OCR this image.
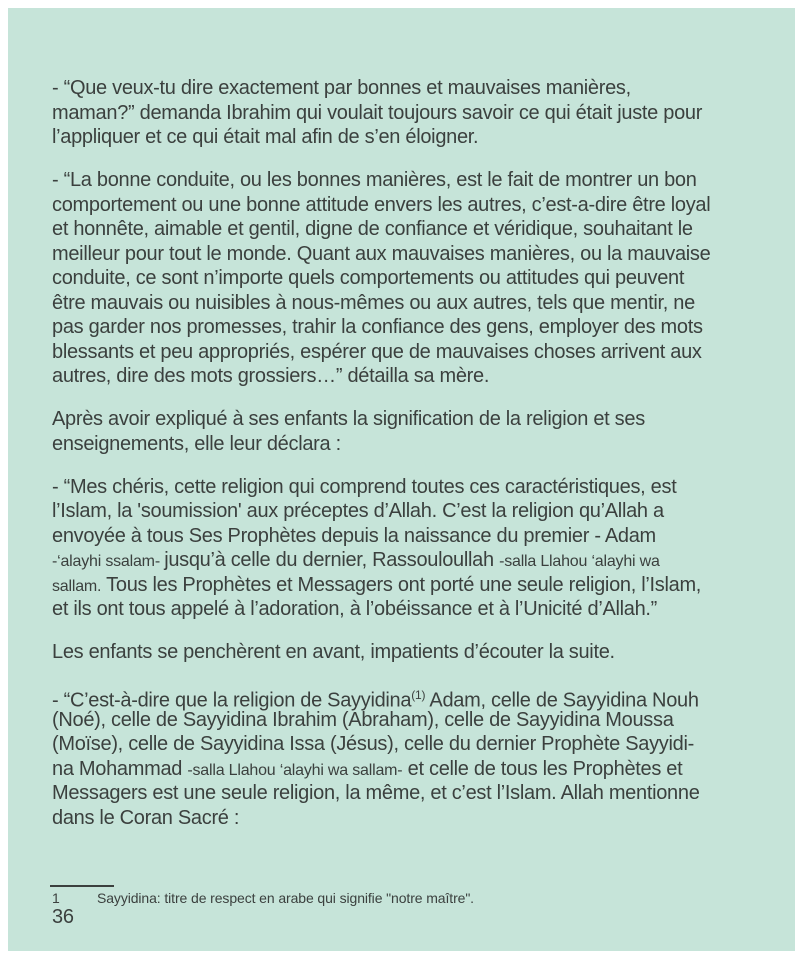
- “Que veux-tu dire exactement par bonnes et mauvaises manières,
maman?” demanda Ibrahim qui voulait toujours savoir ce qui était juste pour
l’appliquer et ce qui était mal afin de s’en éloigner.
- “La bonne conduite, ou les bonnes manières, est le fait de montrer un bon
comportement ou une bonne attitude envers les autres, c’est-a-dire être loyal
et honnête, aimable et gentil, digne de confiance et véridique, souhaitant le
meilleur pour tout le monde. Quant aux mauvaises manières, ou la mauvaise
conduite, ce sont n’importe quels comportements ou attitudes qui peuvent
être mauvais ou nuisibles à nous-mêmes ou aux autres, tels que mentir, ne
pas garder nos promesses, trahir la confiance des gens, employer des mots
blessants et peu appropriés, espérer que de mauvaises choses arrivent aux
autres, dire des mots grossiers…” détailla sa mère.
Après avoir expliqué à ses enfants la signification de la religion et ses
enseignements, elle leur déclara :
- “Mes chéris, cette religion qui comprend toutes ces caractéristiques, est
l’Islam, la 'soumission' aux préceptes d’Allah. C’est la religion qu’Allah a
envoyée à tous Ses Prophètes depuis la naissance du premier - Adam
-‘alayhi ssalam- jusqu’à celle du dernier, Rassouloullah -salla Llahou ‘alayhi wa
sallam. Tous les Prophètes et Messagers ont porté une seule religion, l’Islam,
et ils ont tous appelé à l’adoration, à l’obéissance et à l’Unicité d’Allah.”
Les enfants se penchèrent en avant, impatients d’écouter la suite.
- “C’est-à-dire que la religion de Sayyidina$^{(1)}$ Adam, celle de Sayyidina Nouh
(Noé), celle de Sayyidina Ibrahim (Abraham), celle de Sayyidina Moussa
(Moïse), celle de Sayyidina Issa (Jésus), celle du dernier Prophète Sayyidi-
na Mohammad -salla Llahou ‘alayhi wa sallam- et celle de tous les Prophètes et
Messagers est une seule religion, la même, et c’est l’Islam. Allah mentionne
dans le Coran Sacré :
1	Sayyidina: titre de respect en arabe qui signifie "notre maître".
36
